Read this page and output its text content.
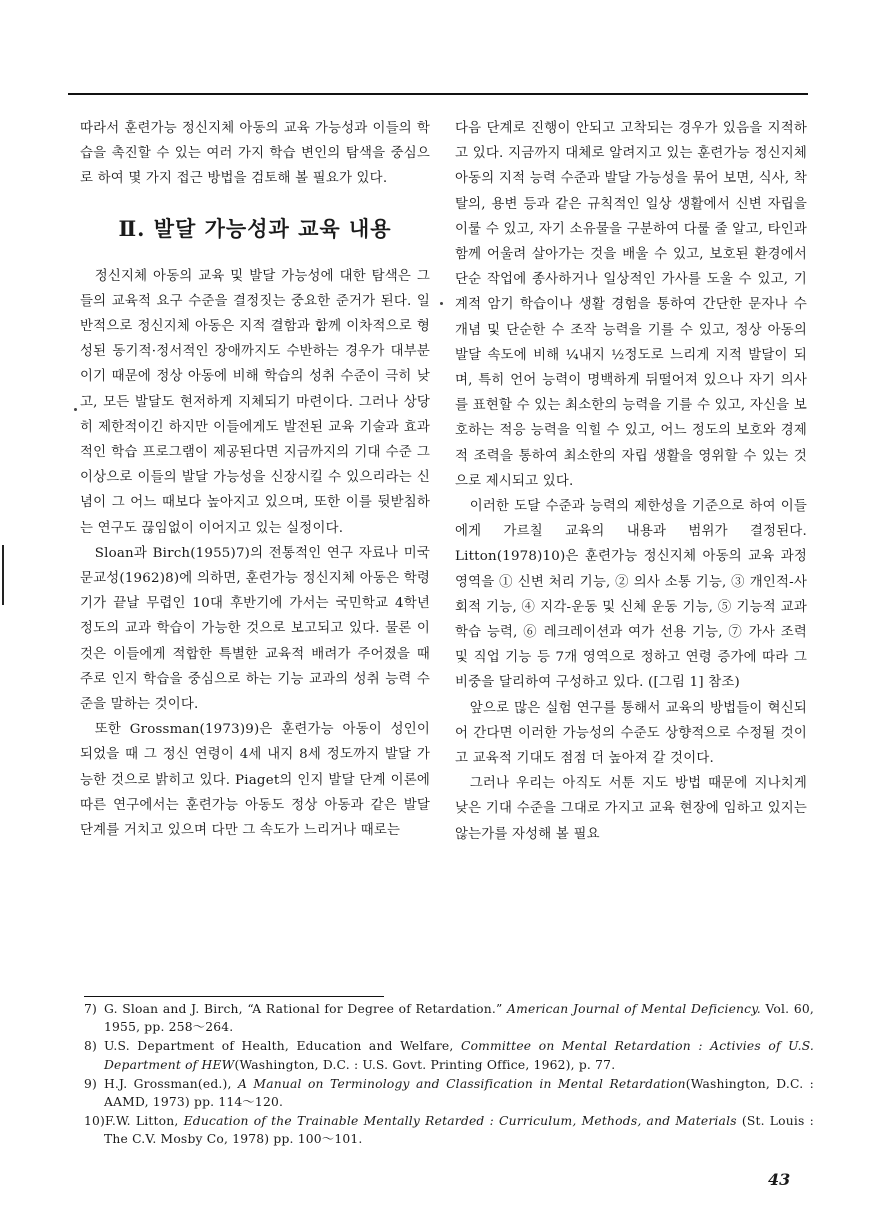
따라서 훈련가능 정신지체 아동의 교육 가능성과 이들의 학습을 촉진할 수 있는 여러 가지 학습 변인의 탐색을 중심으로 하여 몇 가지 접근 방법을 검토해 볼 필요가 있다.

Ⅱ. 발달 가능성과 교육 내용

정신지체 아동의 교육 및 발달 가능성에 대한 탐색은 그들의 교육적 요구 수준을 결정짓는 중요한 준거가 된다. 일반적으로 정신지체 아동은 지적 결함과 함께 이차적으로 형성된 동기적·정서적인 장애까지도 수반하는 경우가 대부분이기 때문에 정상 아동에 비해 학습의 성취 수준이 극히 낮고, 모든 발달도 현저하게 지체되기 마련이다. 그러나 상당히 제한적이긴 하지만 이들에게도 발전된 교육 기술과 효과적인 학습 프로그램이 제공된다면 지금까지의 기대 수준 그 이상으로 이들의 발달 가능성을 신장시킬 수 있으리라는 신념이 그 어느 때보다 높아지고 있으며, 또한 이를 뒷받침하는 연구도 끊임없이 이어지고 있는 실정이다.

Sloan과 Birch(1955)7)의 전통적인 연구 자료나 미국 문교성(1962)8)에 의하면, 훈련가능 정신지체 아동은 학령기가 끝날 무렵인 10대 후반기에 가서는 국민학교 4학년 정도의 교과 학습이 가능한 것으로 보고되고 있다. 물론 이것은 이들에게 적합한 특별한 교육적 배려가 주어졌을 때 주로 인지 학습을 중심으로 하는 기능 교과의 성취 능력 수준을 말하는 것이다.

또한 Grossman(1973)9)은 훈련가능 아동이 성인이 되었을 때 그 정신 연령이 4세 내지 8세 정도까지 발달 가능한 것으로 밝히고 있다. Piaget의 인지 발달 단계 이론에 따른 연구에서는 훈련가능 아동도 정상 아동과 같은 발달 단계를 거치고 있으며 다만 그 속도가 느리거나 때로는

다음 단계로 진행이 안되고 고착되는 경우가 있음을 지적하고 있다. 지금까지 대체로 알려지고 있는 훈련가능 정신지체 아동의 지적 능력 수준과 발달 가능성을 묶어 보면, 식사, 착탈의, 용변 등과 같은 규칙적인 일상 생활에서 신변 자립을 이룰 수 있고, 자기 소유물을 구분하여 다룰 줄 알고, 타인과 함께 어울려 살아가는 것을 배울 수 있고, 보호된 환경에서 단순 작업에 종사하거나 일상적인 가사를 도울 수 있고, 기계적 암기 학습이나 생활 경험을 통하여 간단한 문자나 수 개념 및 단순한 수 조작 능력을 기를 수 있고, 정상 아동의 발달 속도에 비해 ¼내지 ½정도로 느리게 지적 발달이 되며, 특히 언어 능력이 명백하게 뒤떨어져 있으나 자기 의사를 표현할 수 있는 최소한의 능력을 기를 수 있고, 자신을 보호하는 적응 능력을 익힐 수 있고, 어느 정도의 보호와 경제적 조력을 통하여 최소한의 자립 생활을 영위할 수 있는 것으로 제시되고 있다.

이러한 도달 수준과 능력의 제한성을 기준으로 하여 이들에게 가르칠 교육의 내용과 범위가 결정된다. Litton(1978)10)은 훈련가능 정신지체 아동의 교육 과정 영역을 ① 신변 처리 기능, ② 의사 소통 기능, ③ 개인적-사회적 기능, ④ 지각-운동 및 신체 운동 기능, ⑤ 기능적 교과 학습 능력, ⑥ 레크레이션과 여가 선용 기능, ⑦ 가사 조력 및 직업 기능 등 7개 영역으로 정하고 연령 증가에 따라 그 비중을 달리하여 구성하고 있다. ([그림 1] 참조)

앞으로 많은 실험 연구를 통해서 교육의 방법들이 혁신되어 간다면 이러한 가능성의 수준도 상향적으로 수정될 것이고 교육적 기대도 점점 더 높아져 갈 것이다.

그러나 우리는 아직도 서툰 지도 방법 때문에 지나치게 낮은 기대 수준을 그대로 가지고 교육 현장에 임하고 있지는 않는가를 자성해 볼 필요

7) G. Sloan and J. Birch, “A Rational for Degree of Retardation.” American Journal of Mental Deficiency. Vol. 60, 1955, pp. 258～264.

8) U.S. Department of Health, Education and Welfare, Committee on Mental Retardation : Activies of U.S. Department of HEW(Washington, D.C. : U.S. Govt. Printing Office, 1962), p. 77.

9) H.J. Grossman(ed.), A Manual on Terminology and Classification in Mental Retardation(Washington, D.C. : AAMD, 1973) pp. 114～120.

10)F.W. Litton, Education of the Trainable Mentally Retarded : Curriculum, Methods, and Materials (St. Louis : The C.V. Mosby Co, 1978) pp. 100～101.

43
